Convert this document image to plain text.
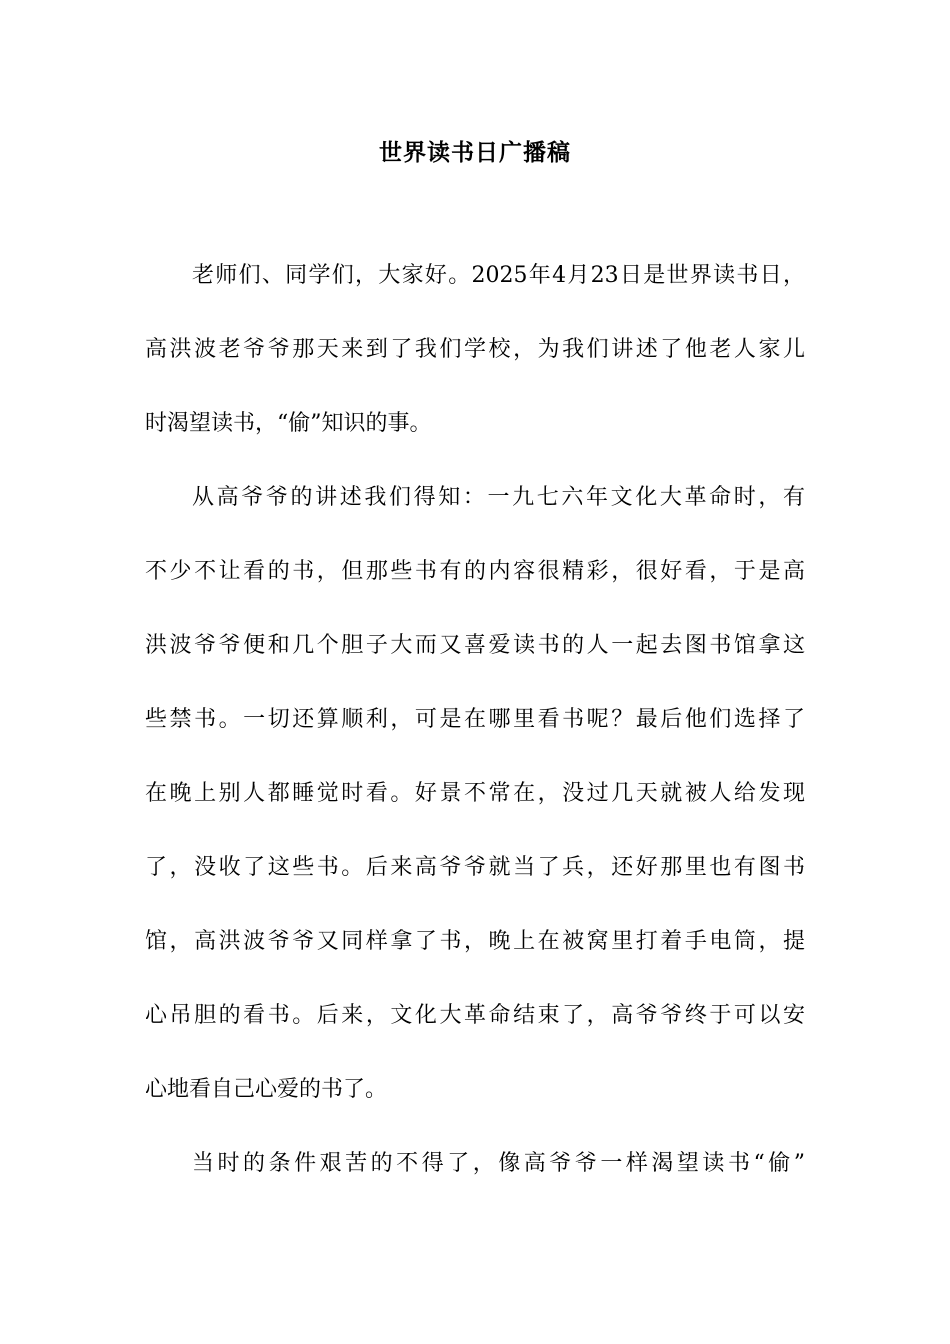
世界读书日广播稿
老师们、同学们，大家好。2025年4月23日是世界读书日，
高洪波老爷爷那天来到了我们学校，为我们讲述了他老人家儿
时渴望读书，“偷”知识的事。
从高爷爷的讲述我们得知：一九七六年文化大革命时，有
不少不让看的书，但那些书有的内容很精彩，很好看，于是高
洪波爷爷便和几个胆子大而又喜爱读书的人一起去图书馆拿这
些禁书。一切还算顺利，可是在哪里看书呢？最后他们选择了
在晚上别人都睡觉时看。好景不常在，没过几天就被人给发现
了，没收了这些书。后来高爷爷就当了兵，还好那里也有图书
馆，高洪波爷爷又同样拿了书，晚上在被窝里打着手电筒，提
心吊胆的看书。后来，文化大革命结束了，高爷爷终于可以安
心地看自己心爱的书了。
当时的条件艰苦的不得了，像高爷爷一样渴望读书“偷”
